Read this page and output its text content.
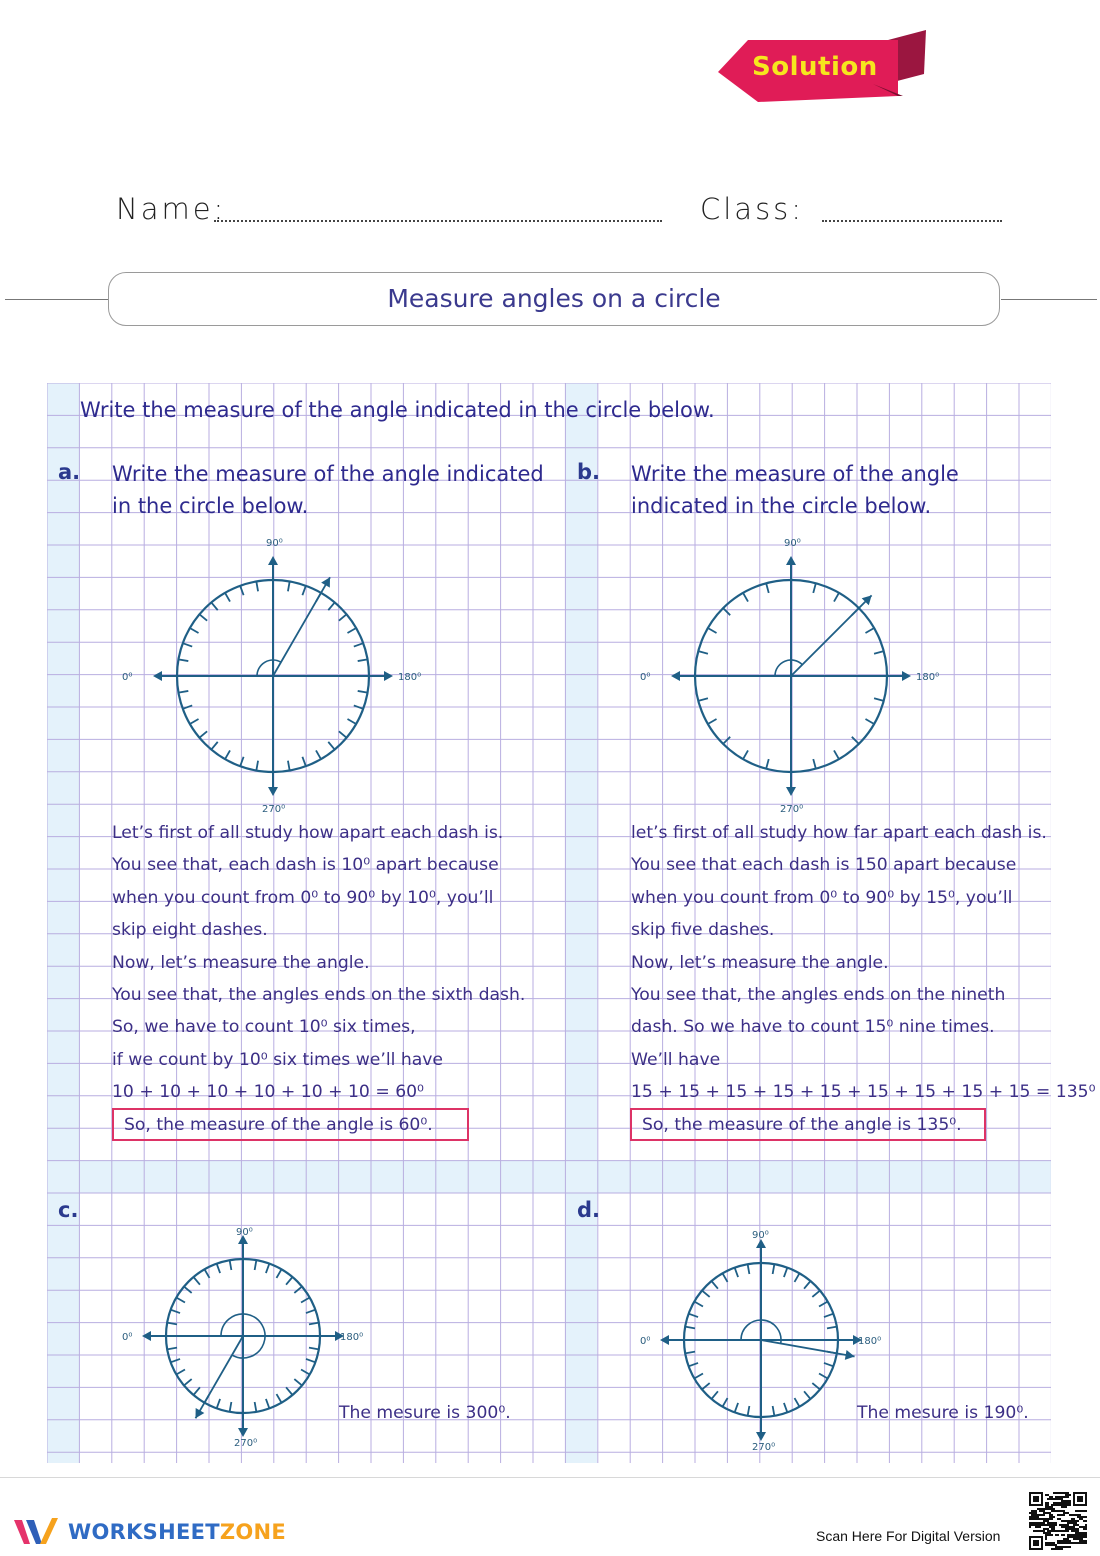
Solution
Name:	Class:
Measure angles on a circle
Write the measure of the angle indicated in the circle below.
a. Write the measure of the angle indicated
in the circle below.
90⁰
0⁰	180⁰
270⁰
Let’s first of all study how apart each dash is.
You see that, each dash is 10⁰ apart because
when you count from 0⁰ to 90⁰ by 10⁰, you’ll
skip eight dashes.
Now, let’s measure the angle.
You see that, the angles ends on the sixth dash.
So, we have to count 10⁰ six times,
if we count by 10⁰ six times we’ll have
10 + 10 + 10 + 10 + 10 + 10 = 60⁰
So, the measure of the angle is 60⁰.
b. Write the measure of the angle
indicated in the circle below.
90⁰
0⁰	180⁰
270⁰
let’s first of all study how far apart each dash is.
You see that each dash is 150 apart because
when you count from 0⁰ to 90⁰ by 15⁰, you’ll
skip five dashes.
Now, let’s measure the angle.
You see that, the angles ends on the nineth
dash. So we have to count 15⁰ nine times.
We’ll have
15 + 15 + 15 + 15 + 15 + 15 + 15 + 15 + 15 = 135⁰
So, the measure of the angle is 135⁰.
c.
90⁰
0⁰	180⁰
270⁰
The mesure is 300⁰.
d.
90⁰
0⁰	180⁰
270⁰
The mesure is 190⁰.
WORKSHEETZONE	Scan Here For Digital Version
